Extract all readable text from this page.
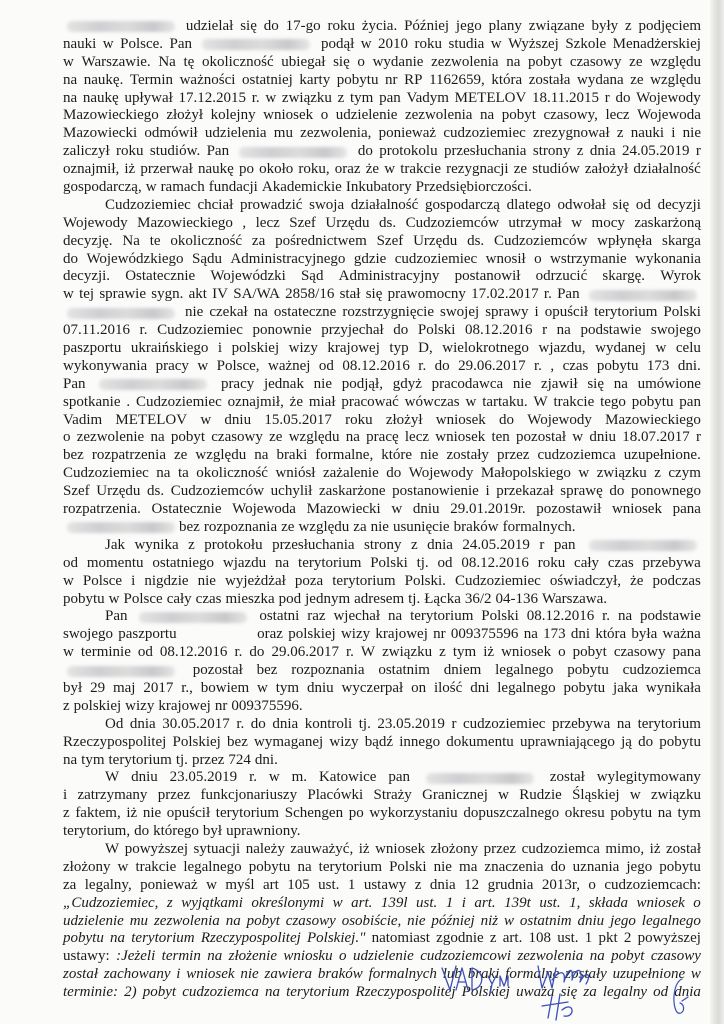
udzielał się do 17-go roku życia. Później jego plany związane były z podjęciem
nauki w Polsce. Pan	podął w 2010 roku studia w Wyższej Szkole Menadżerskiej
w Warszawie. Na tę okoliczność ubiegał się o wydanie zezwolenia na pobyt czasowy ze względu
na naukę. Termin ważności ostatniej karty pobytu nr RP 1162659, która została wydana ze względu
na naukę upływał 17.12.2015 r. w związku z tym pan Vadym METELOV 18.11.2015 r do Wojewody
Mazowieckiego złożył kolejny wniosek o udzielenie zezwolenia na pobyt czasowy, lecz Wojewoda
Mazowiecki odmówił udzielenia mu zezwolenia, ponieważ cudzoziemiec zrezygnował z nauki i nie
zaliczył roku studiów. Pan	do protokolu przesłuchania strony z dnia 24.05.2019 r
oznajmił, iż przerwał naukę po około roku, oraz że w trakcie rezygnacji ze studiów założył działalność
gospodarczą, w ramach fundacji Akademickie Inkubatory Przedsiębiorczości.
Cudzoziemiec chciał prowadzić swoja działalność gospodarczą dlatego odwołał się od decyzji
Wojewody Mazowieckiego , lecz Szef Urzędu ds. Cudzoziemców utrzymał w mocy zaskarżoną
decyzję. Na te okoliczność za pośrednictwem Szef Urzędu ds. Cudzoziemców wpłynęła skarga
do Wojewódzkiego Sądu Administracyjnego gdzie cudzoziemiec wnosił o wstrzymanie wykonania
decyzji. Ostatecznie Wojewódzki Sąd Administracyjny postanowił odrzucić skargę. Wyrok
w tej sprawie sygn. akt IV SA/WA 2858/16 stał się prawomocny 17.02.2017 r. Pan
nie czekał na ostateczne rozstrzygnięcie swojej sprawy i opuścił terytorium Polski
07.11.2016 r. Cudzoziemiec ponownie przyjechał do Polski 08.12.2016 r na podstawie swojego
paszportu ukraińskiego i polskiej wizy krajowej typ D, wielokrotnego wjazdu, wydanej w celu
wykonywania pracy w Polsce, ważnej od 08.12.2016 r. do 29.06.2017 r. , czas pobytu 173 dni.
Pan	pracy jednak nie podjął, gdyż pracodawca nie zjawił się na umówione
spotkanie . Cudzoziemiec oznajmił, że miał pracować wówczas w tartaku. W trakcie tego pobytu pan
Vadim METELOV w dniu 15.05.2017 roku złożył wniosek do Wojewody Mazowieckiego
o zezwolenie na pobyt czasowy ze względu na pracę lecz wniosek ten pozostał w dniu 18.07.2017 r
bez rozpatrzenia ze względu na braki formalne, które nie zostały przez cudzoziemca uzupełnione.
Cudzoziemiec na ta okoliczność wniósł zażalenie do Wojewody Małopolskiego w związku z czym
Szef Urzędu ds. Cudzoziemców uchylił zaskarżone postanowienie i przekazał sprawę do ponownego
rozpatrzenia. Ostatecznie Wojewoda Mazowiecki w dniu 29.01.2019r. pozostawił wniosek pana
bez rozpoznania ze względu za nie usunięcie braków formalnych.
Jak wynika z protokołu przesłuchania strony z dnia 24.05.2019 r pan
od momentu ostatniego wjazdu na terytorium Polski tj. od 08.12.2016 roku cały czas przebywa
w Polsce i nigdzie nie wyjeżdżał poza terytorium Polski. Cudzoziemiec oświadczył, że podczas
pobytu w Polsce cały czas mieszka pod jednym adresem tj. Łącka 36/2 04-136 Warszawa.
Pan	ostatni raz wjechał na terytorium Polski 08.12.2016 r. na podstawie
swojego paszportu	oraz polskiej wizy krajowej nr 009375596 na 173 dni która była ważna
w terminie od 08.12.2016 r. do 29.06.2017 r. W związku z tym iż wniosek o pobyt czasowy pana
pozostał bez rozpoznania ostatnim dniem legalnego pobytu cudzoziemca
był 29 maj 2017 r., bowiem w tym dniu wyczerpał on ilość dni legalnego pobytu jaka wynikała
z polskiej wizy krajowej nr 009375596.
Od dnia 30.05.2017 r. do dnia kontroli tj. 23.05.2019 r cudzoziemiec przebywa na terytorium
Rzeczypospolitej Polskiej bez wymaganej wizy bądź innego dokumentu uprawniającego ją do pobytu
na tym terytorium tj. przez 724 dni.
W dniu 23.05.2019 r. w m. Katowice pan	został wylegitymowany
i zatrzymany przez funkcjonariuszy Placówki Straży Granicznej w Rudzie Śląskiej w związku
z faktem, iż nie opuścił terytorium Schengen po wykorzystaniu dopuszczalnego okresu pobytu na tym
terytorium, do którego był uprawniony.
W powyższej sytuacji należy zauważyć, iż wniosek złożony przez cudzoziemca mimo, iż został
złożony w trakcie legalnego pobytu na terytorium Polski nie ma znaczenia do uznania jego pobytu
za legalny, ponieważ w myśl art 105 ust. 1 ustawy z dnia 12 grudnia 2013r, o cudzoziemcach:
„Cudzoziemiec, z wyjątkami określonymi w art. 139l ust. 1 i art. 139t ust. 1, składa wniosek o
udzielenie mu zezwolenia na pobyt czasowy osobiście, nie później niż w ostatnim dniu jego legalnego
pobytu na terytorium Rzeczypospolitej Polskiej." natomiast zgodnie z art. 108 ust. 1 pkt 2 powyższej
ustawy: :Jeżeli termin na złożenie wniosku o udzielenie cudzoziemcowi zezwolenia na pobyt czasowy
został zachowany i wniosek nie zawiera braków formalnych lub braki formalne zostały uzupełnione w
terminie: 2) pobyt cudzoziemca na terytorium Rzeczypospolitej Polskiej uważa się za legalny od dnia
